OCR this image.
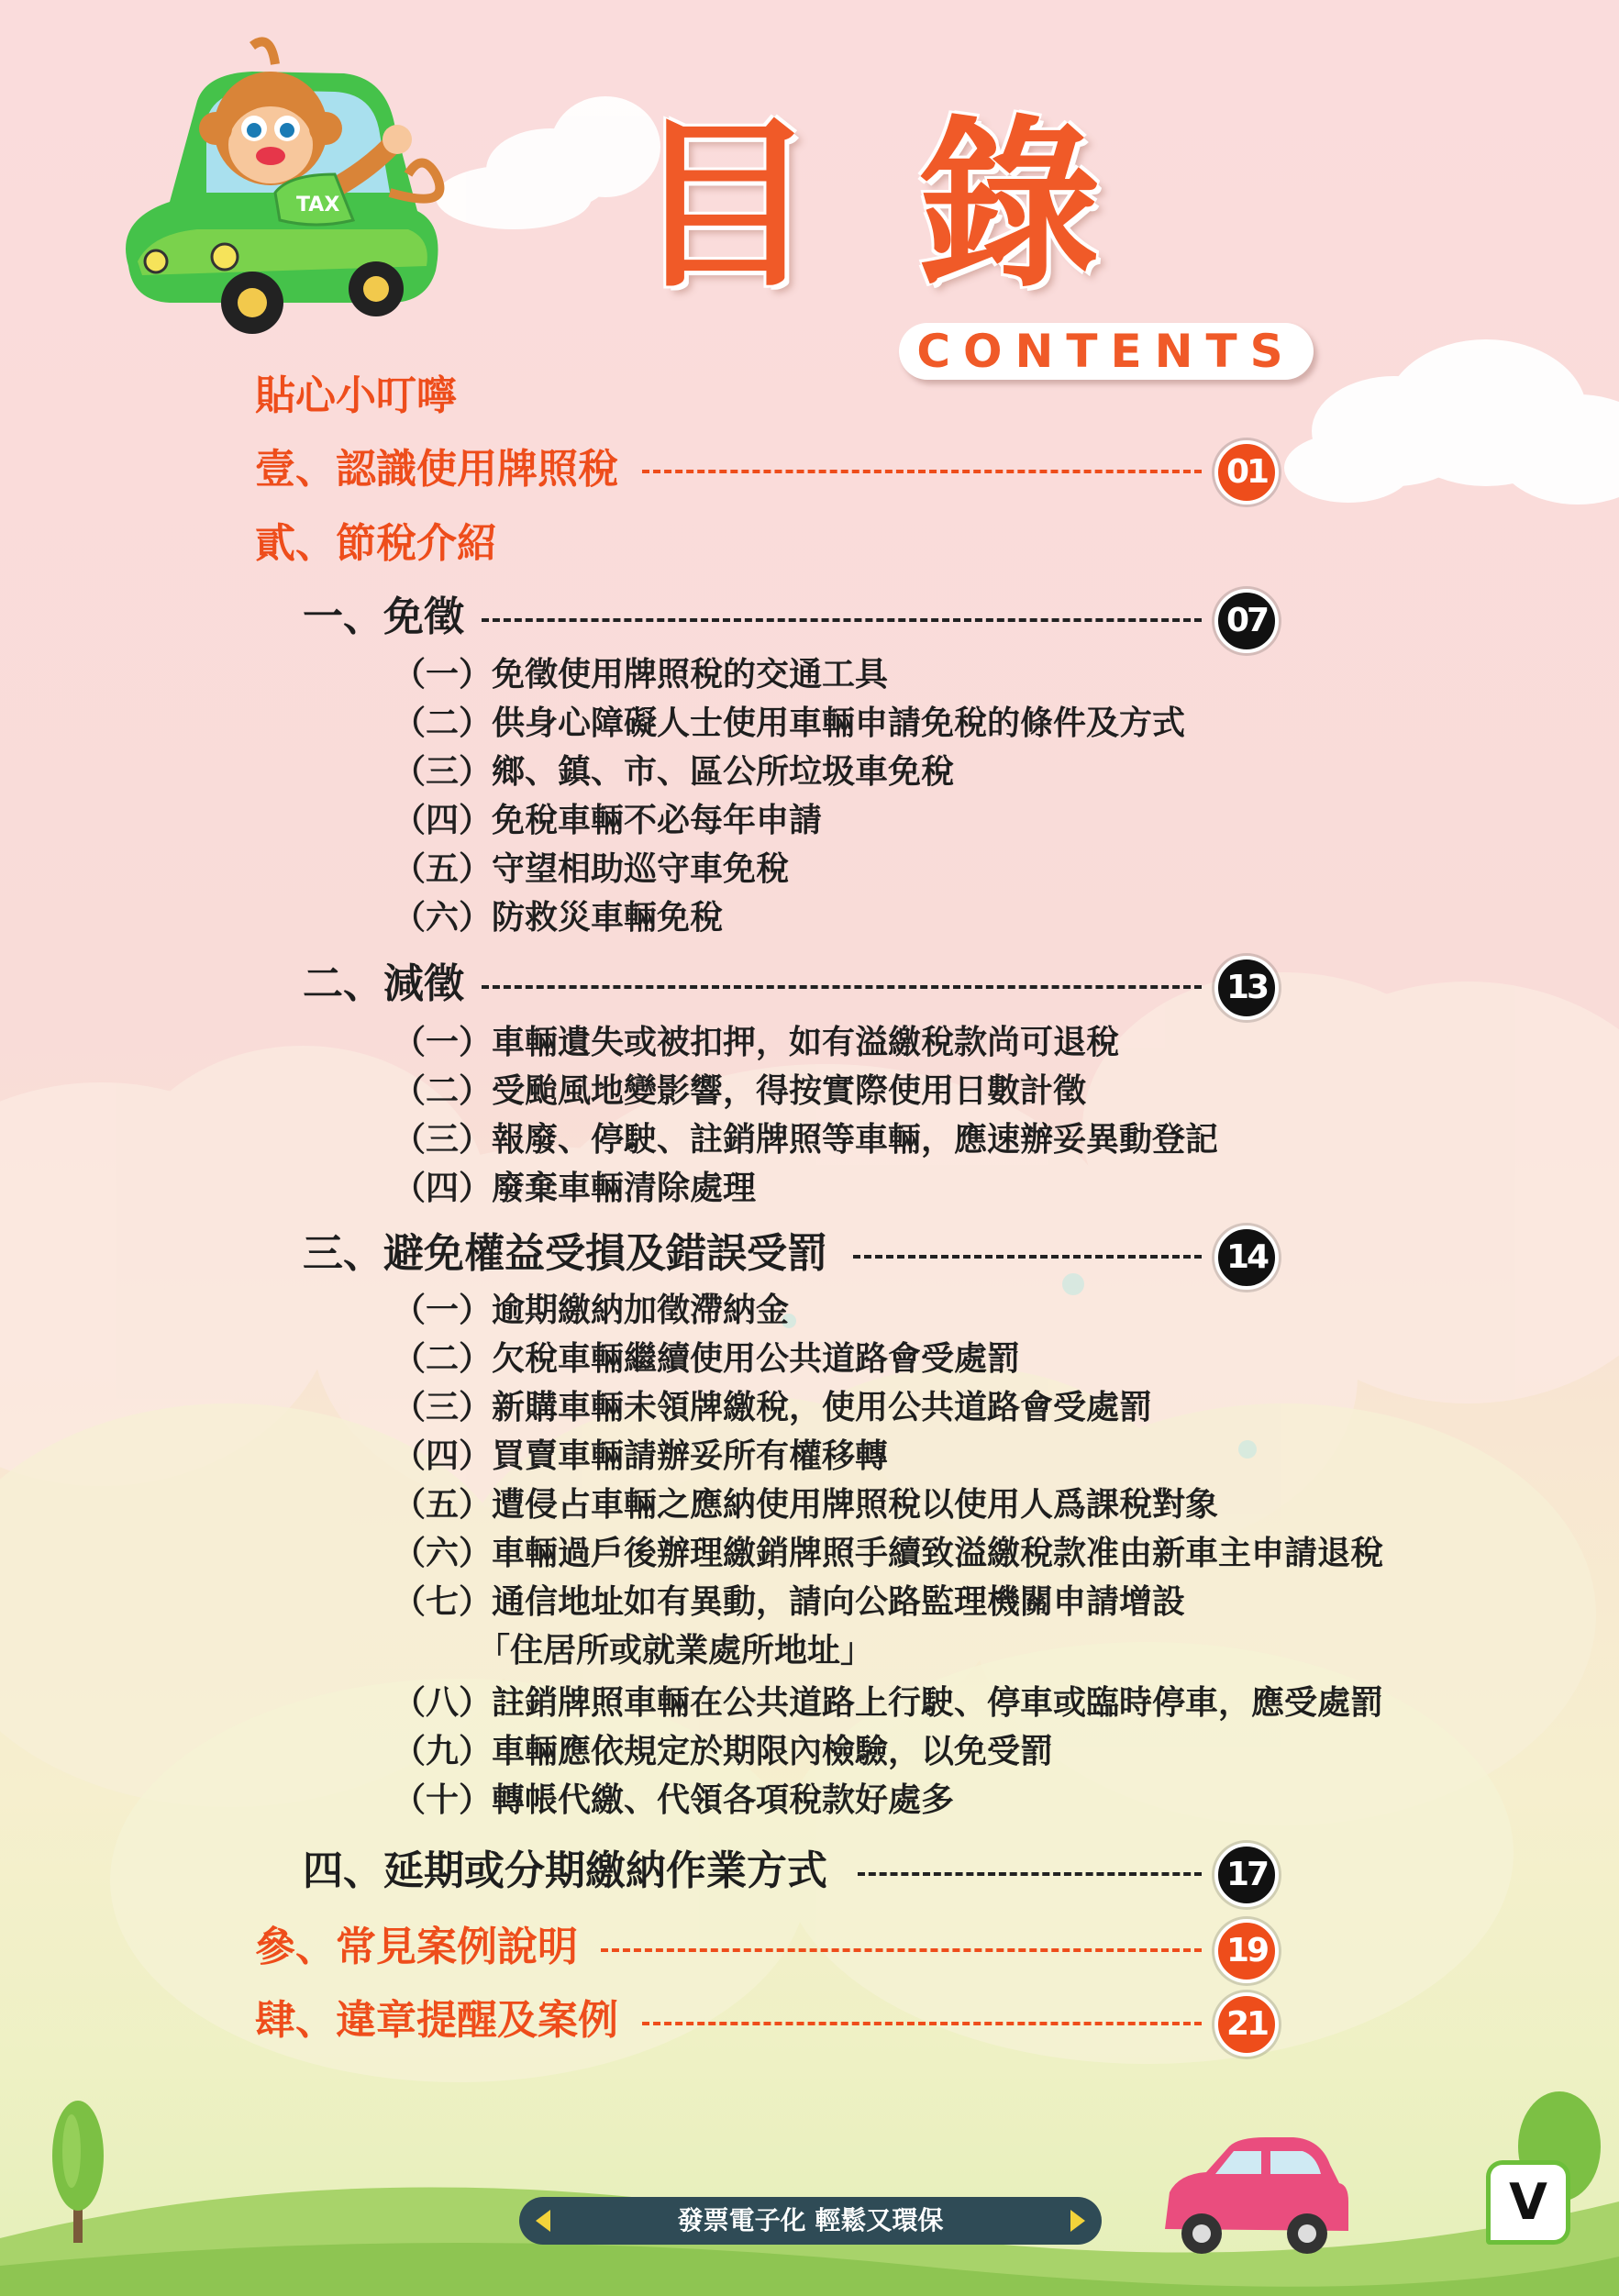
TAX 目錄
CONTENTS
貼心小叮嚀
壹、認識使用牌照稅	01
貳、節稅介紹
一、免徵	07
（一）免徵使用牌照稅的交通工具
（二）供身心障礙人士使用車輛申請免稅的條件及方式
（三）鄉、鎮、市、區公所垃圾車免稅
（四）免稅車輛不必每年申請
（五）守望相助巡守車免稅
（六）防救災車輛免稅
二、減徵	13
（一）車輛遺失或被扣押，如有溢繳稅款尚可退稅
（二）受颱風地變影響，得按實際使用日數計徵
（三）報廢、停駛、註銷牌照等車輛，應速辦妥異動登記
（四）廢棄車輛清除處理
三、避免權益受損及錯誤受罰	14
（一）逾期繳納加徵滯納金
（二）欠稅車輛繼續使用公共道路會受處罰
（三）新購車輛未領牌繳稅，使用公共道路會受處罰
（四）買賣車輛請辦妥所有權移轉
（五）遭侵占車輛之應納使用牌照稅以使用人爲課稅對象
（六）車輛過戶後辦理繳銷牌照手續致溢繳稅款准由新車主申請退稅
（七）通信地址如有異動，請向公路監理機關申請增設
「住居所或就業處所地址」
（八）註銷牌照車輛在公共道路上行駛、停車或臨時停車，應受處罰
（九）車輛應依規定於期限內檢驗，以免受罰
（十）轉帳代繳、代領各項稅款好處多
四、延期或分期繳納作業方式	17
參、常見案例說明	19
肆、違章提醒及案例	21
發票電子化 輕鬆又環保	V
